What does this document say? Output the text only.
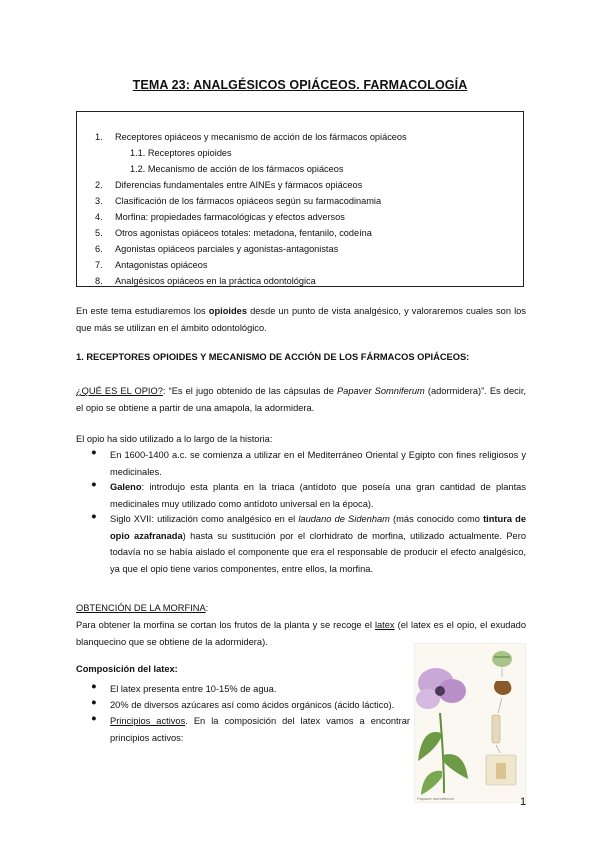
TEMA 23: ANALGÉSICOS OPIÁCEOS. FARMACOLOGÍA
1. Receptores opiáceos y mecanismo de acción de los fármacos opiáceos
1.1. Receptores opioides
1.2. Mecanismo de acción de los fármacos opiáceos
2. Diferencias fundamentales entre AINEs y fármacos opiáceos
3. Clasificación de los fármacos opiáceos según su farmacodinamia
4. Morfina: propiedades farmacológicas y efectos adversos
5. Otros agonistas opiáceos totales: metadona, fentanilo, codeína
6. Agonistas opiáceos parciales y agonistas-antagonistas
7. Antagonistas opiáceos
8. Analgésicos opiáceos en la práctica odontológica
En este tema estudiaremos los opioides desde un punto de vista analgésico, y valoraremos cuales son los que más se utilizan en el ámbito odontológico.
1. RECEPTORES OPIOIDES Y MECANISMO DE ACCIÓN DE LOS FÁRMACOS OPIÁCEOS:
¿QUÉ ES EL OPIO?: “Es el jugo obtenido de las cápsulas de Papaver Somniferum (adormidera)”. Es decir, el opio se obtiene a partir de una amapola, la adormidera.
El opio ha sido utilizado a lo largo de la historia:
● En 1600-1400 a.c. se comienza a utilizar en el Mediterráneo Oriental y Egipto con fines religiosos y medicinales.
● Galeno: introdujo esta planta en la triaca (antídoto que poseía una gran cantidad de plantas medicinales muy utilizado como antídoto universal en la época).
● Siglo XVII: utilización como analgésico en el laudano de Sidenham (más conocido como tintura de opio azafranada) hasta su sustitución por el clorhidrato de morfina, utilizado actualmente. Pero todavía no se había aislado el componente que era el responsable de producir el efecto analgésico, ya que el opio tiene varios componentes, entre ellos, la morfina.
OBTENCIÓN DE LA MORFINA:
Para obtener la morfina se cortan los frutos de la planta y se recoge el latex (el latex es el opio, el exudado blanquecino que se obtiene de la adormidera).
Composición del latex:
● El latex presenta entre 10-15% de agua.
● 20% de diversos azúcares así como ácidos orgánicos (ácido láctico).
● Principios activos. En la composición del latex vamos a encontrar principios activos:
Papaver somniferum	1
